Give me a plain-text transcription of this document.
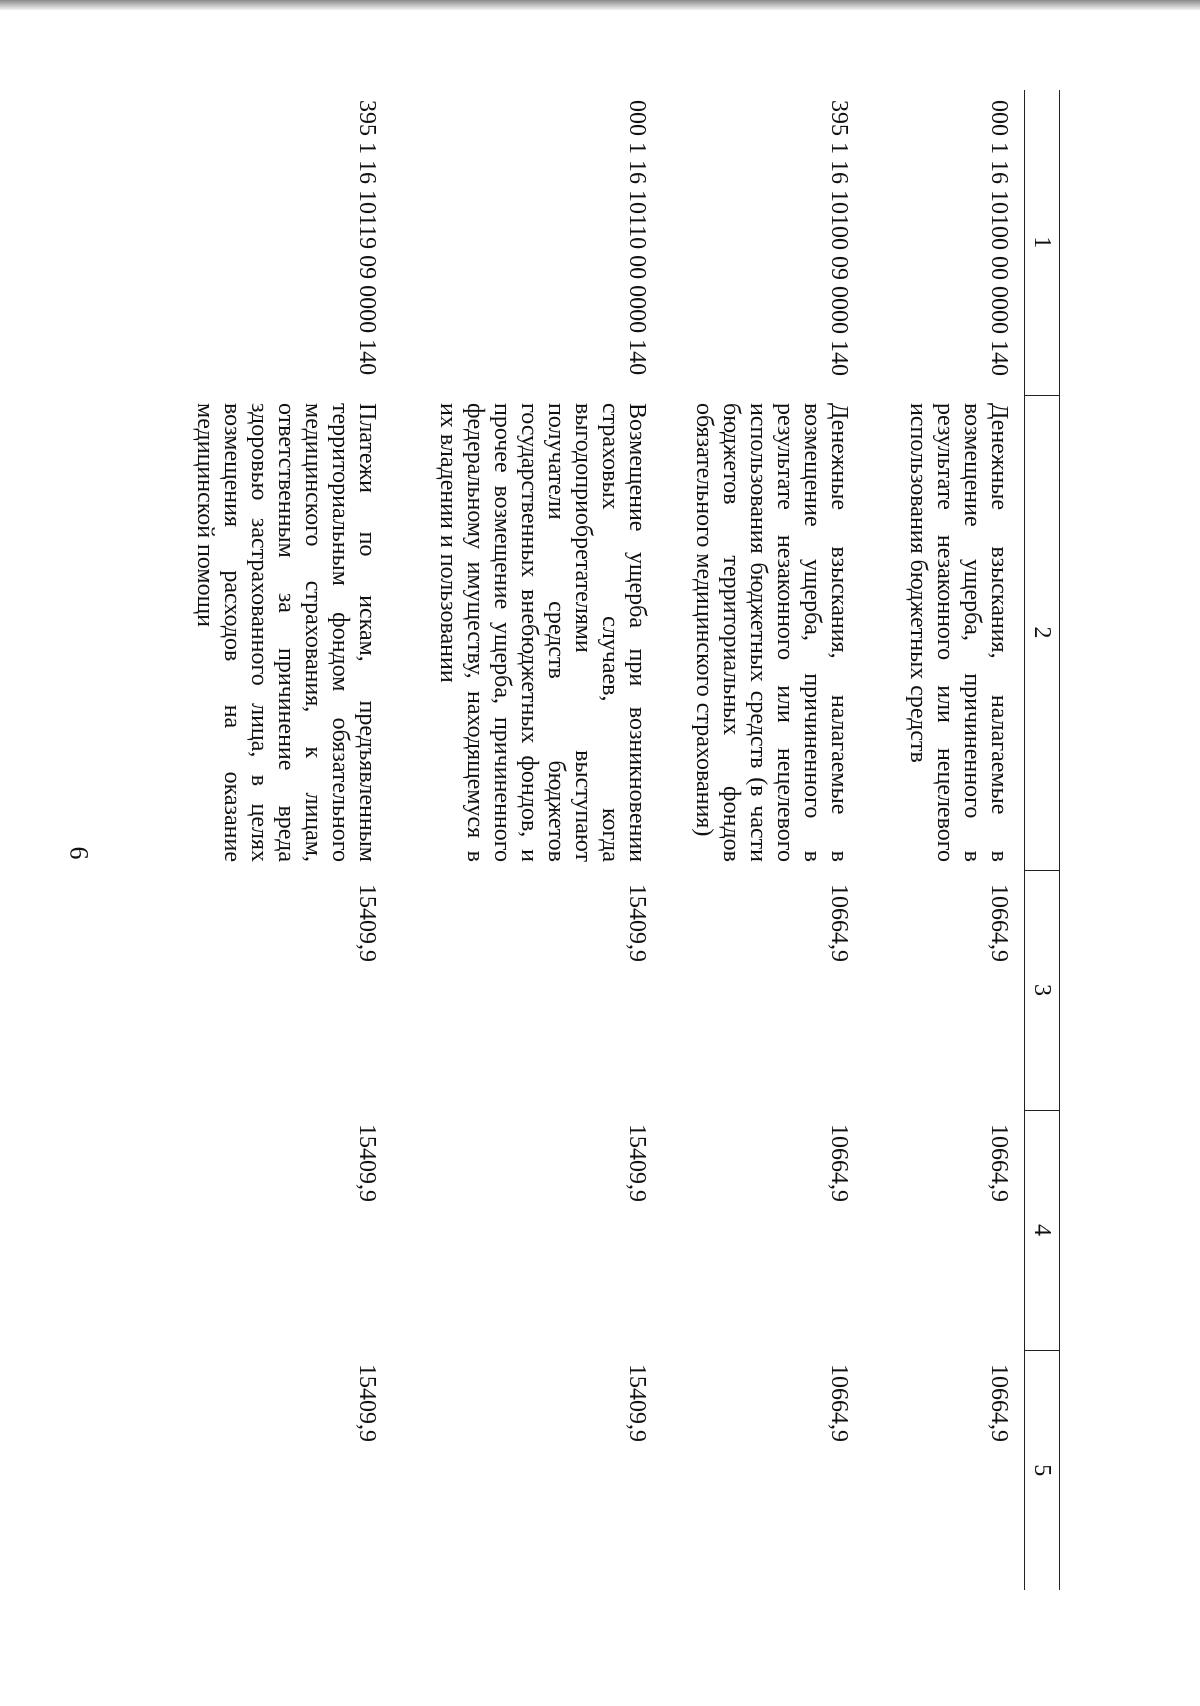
6
1	2	3	4	5
000 1 16 10100 00 0000 140	Денежные взыскания, налагаемые в возмещение ущерба, причиненного в результате незаконного или нецелевого использования бюджетных средств	10664,9	10664,9	10664,9
395 1 16 10100 09 0000 140	Денежные взыскания, налагаемые в возмещение ущерба, причиненного в результате незаконного или нецелевого использования бюджетных средств (в части бюджетов территориальных фондов обязательного медицинского страхования)	10664,9	10664,9	10664,9
000 1 16 10110 00 0000 140	Возмещение ущерба при возникновении страховых случаев, когда выгодоприобретателями выступают получатели средств бюджетов государственных внебюджетных фондов, и прочее возмещение ущерба, причиненного федеральному имуществу, находящемуся в их владении и пользовании	15409,9	15409,9	15409,9
395 1 16 10119 09 0000 140	Платежи по искам, предъявленным территориальным фондом обязательного медицинского страхования, к лицам, ответственным за причинение вреда здоровью застрахованного лица, в целях возмещения расходов на оказание медицинской помощи	15409,9	15409,9	15409,9
